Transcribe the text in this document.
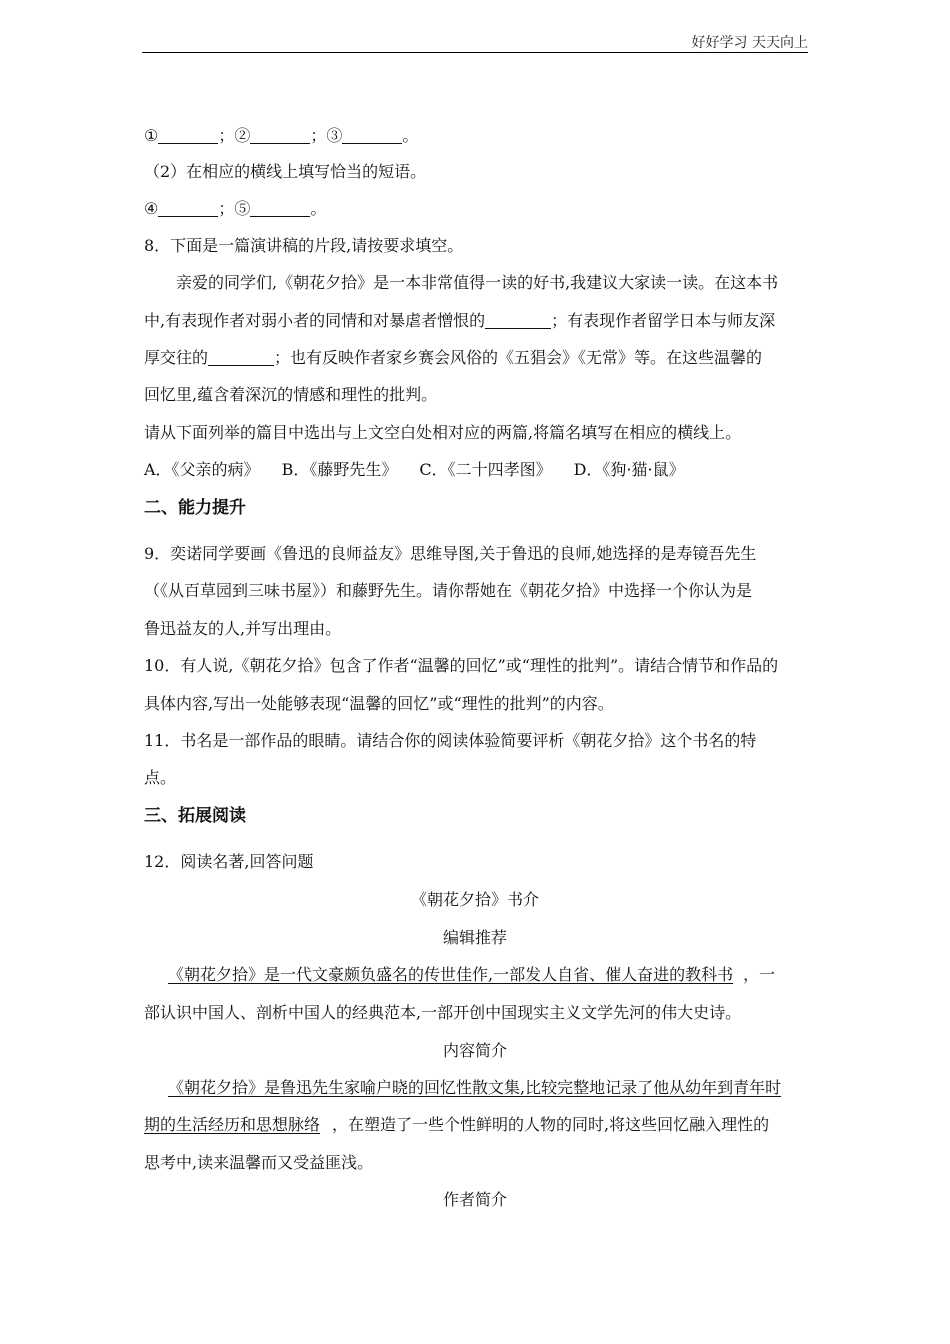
好好学习 天天向上
①	；②	；③	。
（2）在相应的横线上填写恰当的短语。
④	；⑤	。
8．下面是一篇演讲稿的片段,请按要求填空。
亲爱的同学们,《朝花夕拾》是一本非常值得一读的好书,我建议大家读一读。在这本书
中,有表现作者对弱小者的同情和对暴虐者憎恨的	；有表现作者留学日本与师友深
厚交往的	；也有反映作者家乡赛会风俗的《五猖会》《无常》等。在这些温馨的
回忆里,蕴含着深沉的情感和理性的批判。
请从下面列举的篇目中选出与上文空白处相对应的两篇,将篇名填写在相应的横线上。
A．《父亲的病》 B．《藤野先生》 C．《二十四孝图》 D．《狗·猫·鼠》
二、能力提升
9．奕诺同学要画《鲁迅的良师益友》思维导图,关于鲁迅的良师,她选择的是寿镜吾先生
（《从百草园到三味书屋》）和藤野先生。请你帮她在《朝花夕拾》中选择一个你认为是
鲁迅益友的人,并写出理由。
10．有人说,《朝花夕拾》包含了作者“温馨的回忆”或“理性的批判”。请结合情节和作品的
具体内容,写出一处能够表现“温馨的回忆”或“理性的批判”的内容。
11．书名是一部作品的眼睛。请结合你的阅读体验简要评析《朝花夕拾》这个书名的特
点。
三、拓展阅读
12．阅读名著,回答问题
《朝花夕拾》书介
编辑推荐
《朝花夕拾》是一代文豪颇负盛名的传世佳作,一部发人自省、催人奋进的教科书 ，一
部认识中国人、剖析中国人的经典范本,一部开创中国现实主义文学先河的伟大史诗。
内容简介
《朝花夕拾》是鲁迅先生家喻户晓的回忆性散文集,比较完整地记录了他从幼年到青年时
期的生活经历和思想脉络 ，在塑造了一些个性鲜明的人物的同时,将这些回忆融入理性的
思考中,读来温馨而又受益匪浅。
作者简介
